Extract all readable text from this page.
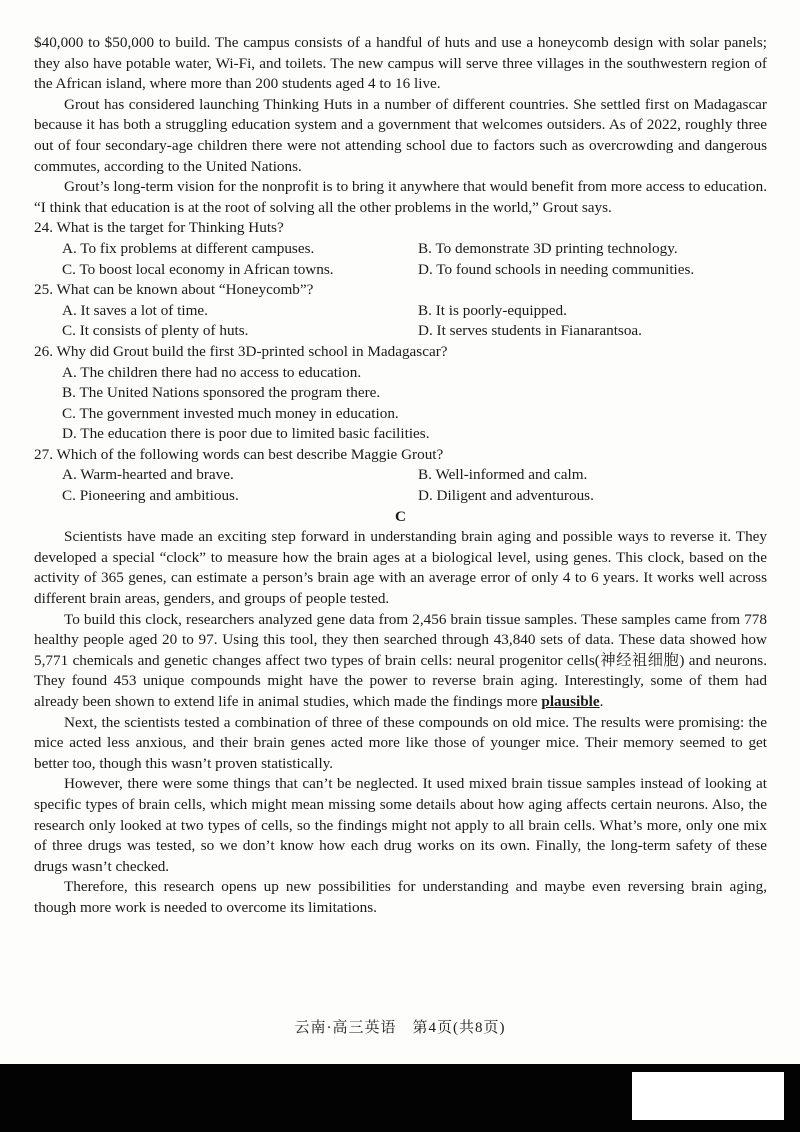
$40,000 to $50,000 to build. The campus consists of a handful of huts and use a honeycomb design with solar panels; they also have potable water, Wi-Fi, and toilets. The new campus will serve three villages in the southwestern region of the African island, where more than 200 students aged 4 to 16 live.

Grout has considered launching Thinking Huts in a number of different countries. She settled first on Madagascar because it has both a struggling education system and a government that welcomes outsiders. As of 2022, roughly three out of four secondary-age children there were not attending school due to factors such as overcrowding and dangerous commutes, according to the United Nations.

Grout’s long-term vision for the nonprofit is to bring it anywhere that would benefit from more access to education. “I think that education is at the root of solving all the other problems in the world,” Grout says.

24. What is the target for Thinking Huts?
A. To fix problems at different campuses.	B. To demonstrate 3D printing technology.
C. To boost local economy in African towns.	D. To found schools in needing communities.
25. What can be known about “Honeycomb”?
A. It saves a lot of time.	B. It is poorly-equipped.
C. It consists of plenty of huts.	D. It serves students in Fianarantsoa.
26. Why did Grout build the first 3D-printed school in Madagascar?
A. The children there had no access to education.
B. The United Nations sponsored the program there.
C. The government invested much money in education.
D. The education there is poor due to limited basic facilities.
27. Which of the following words can best describe Maggie Grout?
A. Warm-hearted and brave.	B. Well-informed and calm.
C. Pioneering and ambitious.	D. Diligent and adventurous.
C

Scientists have made an exciting step forward in understanding brain aging and possible ways to reverse it. They developed a special “clock” to measure how the brain ages at a biological level, using genes. This clock, based on the activity of 365 genes, can estimate a person’s brain age with an average error of only 4 to 6 years. It works well across different brain areas, genders, and groups of people tested.

To build this clock, researchers analyzed gene data from 2,456 brain tissue samples. These samples came from 778 healthy people aged 20 to 97. Using this tool, they then searched through 43,840 sets of data. These data showed how 5,771 chemicals and genetic changes affect two types of brain cells: neural progenitor cells(神经祖细胞) and neurons. They found 453 unique compounds might have the power to reverse brain aging. Interestingly, some of them had already been shown to extend life in animal studies, which made the findings more plausible.

Next, the scientists tested a combination of three of these compounds on old mice. The results were promising: the mice acted less anxious, and their brain genes acted more like those of younger mice. Their memory seemed to get better too, though this wasn’t proven statistically.

However, there were some things that can’t be neglected. It used mixed brain tissue samples instead of looking at specific types of brain cells, which might mean missing some details about how aging affects certain neurons. Also, the research only looked at two types of cells, so the findings might not apply to all brain cells. What’s more, only one mix of three drugs was tested, so we don’t know how each drug works on its own. Finally, the long-term safety of these drugs wasn’t checked.

Therefore, this research opens up new possibilities for understanding and maybe even reversing brain aging, though more work is needed to overcome its limitations.

云南·高三英语　第4页(共8页)
